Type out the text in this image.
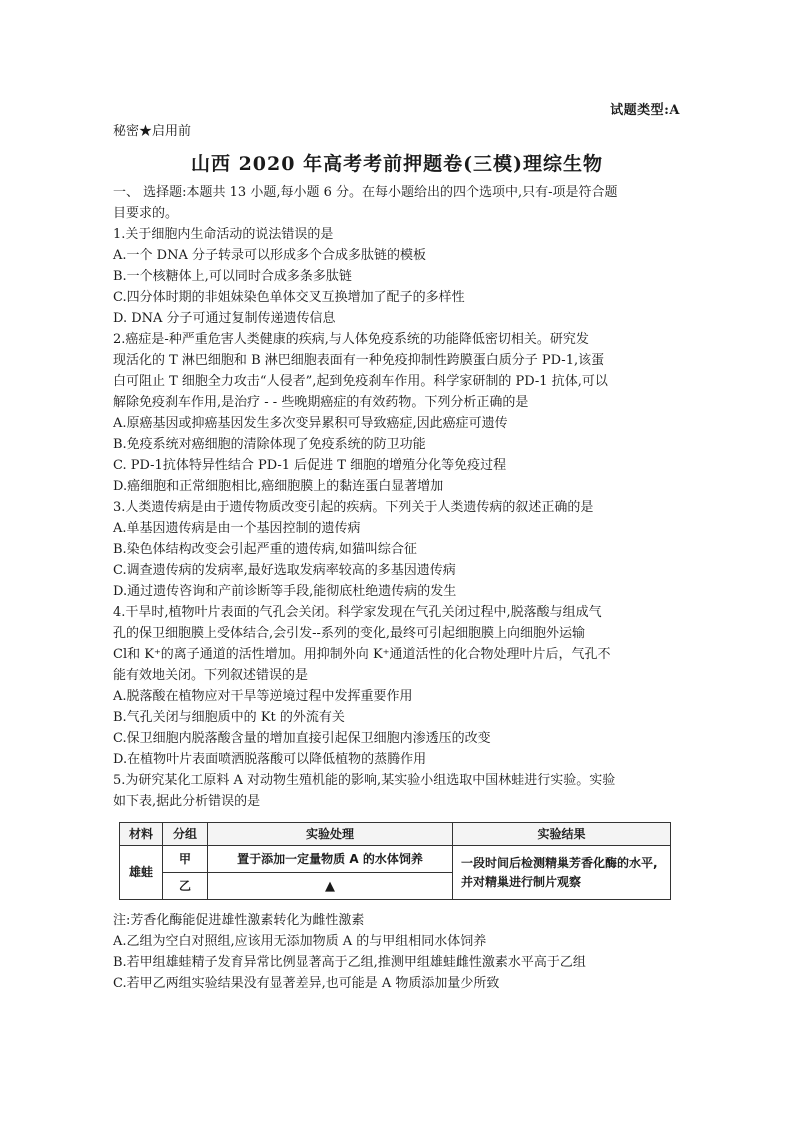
试题类型:A
秘密★启用前
山西 2020 年高考考前押题卷(三模)理综生物
一、 选择题:本题共 13 小题,每小题 6 分。在每小题给出的四个选项中,只有-项是符合题
目要求的。
1.关于细胞内生命活动的说法错误的是
A.一个 DNA 分子转录可以形成多个合成多肽链的模板
B.一个核糖体上,可以同时合成多条多肽链
C.四分体时期的非姐妹染色单体交叉互换增加了配子的多样性
D. DNA 分子可通过复制传递遗传信息
2.癌症是-种严重危害人类健康的疾病,与人体免疫系统的功能降低密切相关。研究发
现活化的 T 淋巴细胞和 B 淋巴细胞表面有一种免疫抑制性跨膜蛋白质分子 PD-1,该蛋
白可阻止 T 细胞全力攻击“人侵者”,起到免疫刹车作用。科学家研制的 PD-1 抗体,可以
解除免疫刹车作用,是治疗 - - 些晚期癌症的有效药物。下列分析正确的是
A.原癌基因或抑癌基因发生多次变异累积可导致癌症,因此癌症可遗传
B.免疫系统对癌细胞的清除体现了免疫系统的防卫功能
C. PD-1抗体特异性结合 PD-1 后促进 T 细胞的增殖分化等免疫过程
D.癌细胞和正常细胞相比,癌细胞膜上的黏连蛋白显著增加
3.人类遗传病是由于遗传物质改变引起的疾病。下列关于人类遗传病的叙述正确的是
A.单基因遗传病是由一个基因控制的遗传病
B.染色体结构改变会引起严重的遗传病,如猫叫综合征
C.调查遗传病的发病率,最好选取发病率较高的多基因遗传病
D.通过遗传咨询和产前诊断等手段,能彻底杜绝遗传病的发生
4.干旱时,植物叶片表面的气孔会关闭。科学家发现在气孔关闭过程中,脱落酸与组成气
孔的保卫细胞膜上受体结合,会引发--系列的变化,最终可引起细胞膜上向细胞外运输
Cl和 K⁺的离子通道的活性增加。用抑制外向 K⁺通道活性的化合物处理叶片后，气孔不
能有效地关闭。下列叙述错误的是
A.脱落酸在植物应对干旱等逆境过程中发挥重要作用
B.气孔关闭与细胞质中的 Kt 的外流有关
C.保卫细胞内脱落酸含量的增加直接引起保卫细胞内渗透压的改变
D.在植物叶片表面喷洒脱落酸可以降低植物的蒸腾作用
5.为研究某化工原料 A 对动物生殖机能的影响,某实验小组选取中国林蛙进行实验。实验
如下表,据此分析错误的是
材料	分组	实验处理	实验结果
雄蛙	甲	置于添加一定量物质 A 的水体饲养	一段时间后检测精巢芳香化酶的水平,并对精巢进行制片观察
	乙	▲	
注:芳香化酶能促进雄性激素转化为雌性激素
A.乙组为空白对照组,应该用无添加物质 A 的与甲组相同水体饲养
B.若甲组雄蛙精子发育异常比例显著高于乙组,推测甲组雄蛙雌性激素水平高于乙组
C.若甲乙两组实验结果没有显著差异,也可能是 A 物质添加量少所致
